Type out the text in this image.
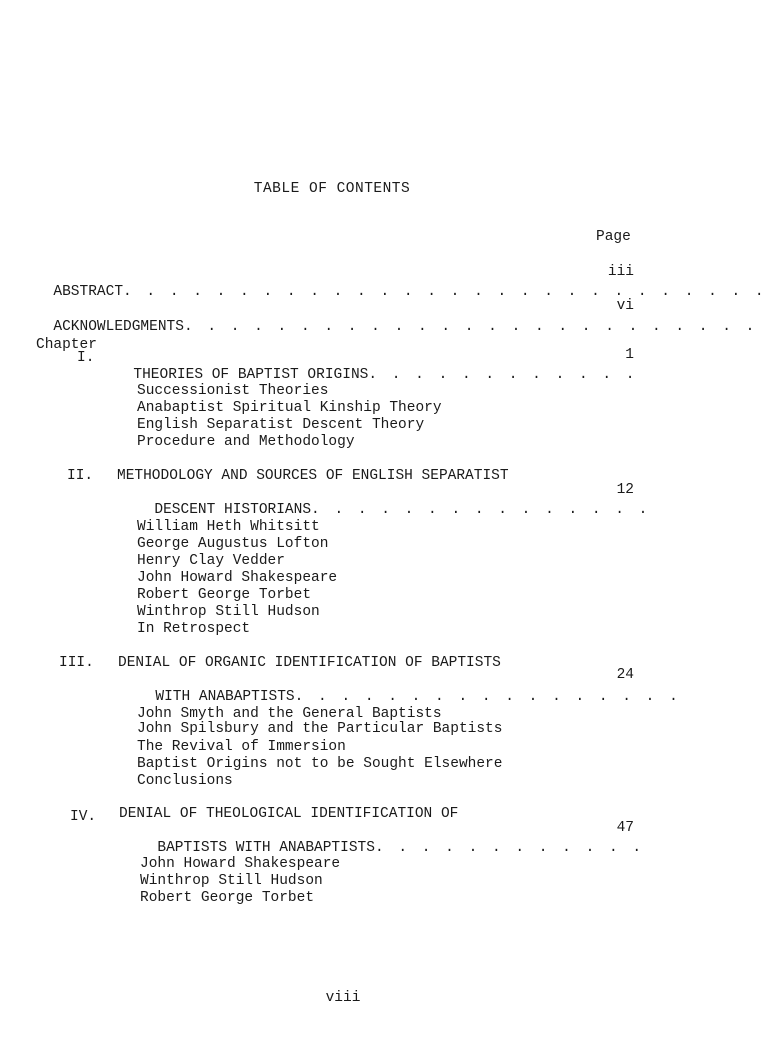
TABLE OF CONTENTS
Page

ABSTRACT. . . . . . . . . . . . . . . . . . . . . . . . . . . .

iii

ACKNOWLEDGMENTS. . . . . . . . . . . . . . . . . . . . . . . . .

vi
Chapter
I.

THEORIES OF BAPTIST ORIGINS. . . . . . . . . . . .

1
Successionist Theories
Anabaptist Spiritual Kinship Theory
English Separatist Descent Theory
Procedure and Methodology
II. METHODOLOGY AND SOURCES OF ENGLISH SEPARATIST

DESCENT HISTORIANS. . . . . . . . . . . . . . .

12
William Heth Whitsitt
George Augustus Lofton
Henry Clay Vedder
John Howard Shakespeare
Robert George Torbet
Winthrop Still Hudson
In Retrospect
III. DENIAL OF ORGANIC IDENTIFICATION OF BAPTISTS

WITH ANABAPTISTS. . . . . . . . . . . . . . . . .

24
John Smyth and the General Baptists
John Spilsbury and the Particular Baptists
The Revival of Immersion
Baptist Origins not to be Sought Elsewhere
Conclusions
IV. DENIAL OF THEOLOGICAL IDENTIFICATION OF

BAPTISTS WITH ANABAPTISTS. . . . . . . . . . . .

47
John Howard Shakespeare
Winthrop Still Hudson
Robert George Torbet
viii
